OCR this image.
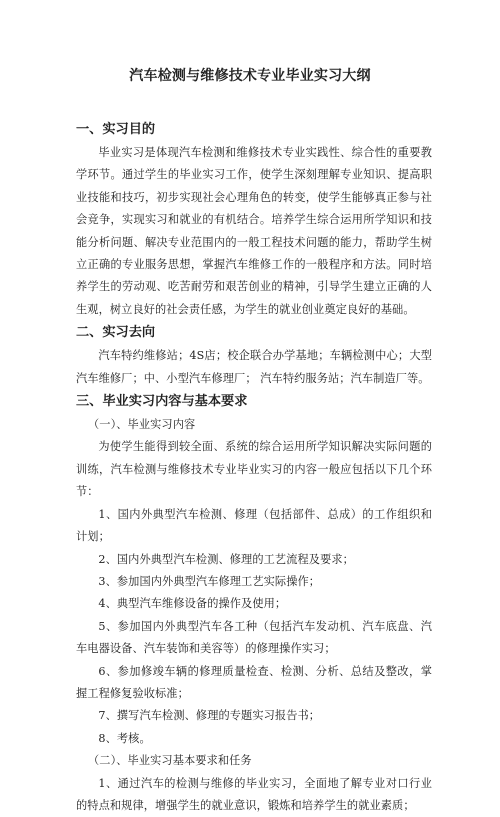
汽车检测与维修技术专业毕业实习大纲

一、实习目的

毕业实习是体现汽车检测和维修技术专业实践性、综合性的重要教学环节。通过学生的毕业实习工作，使学生深刻理解专业知识、提高职业技能和技巧，初步实现社会心理角色的转变，使学生能够真正参与社会竞争，实现实习和就业的有机结合。培养学生综合运用所学知识和技能分析问题、解决专业范围内的一般工程技术问题的能力，帮助学生树立正确的专业服务思想，掌握汽车维修工作的一般程序和方法。同时培养学生的劳动观、吃苦耐劳和艰苦创业的精神，引导学生建立正确的人生观，树立良好的社会责任感，为学生的就业创业奠定良好的基础。

二、实习去向

汽车特约维修站；4S店；校企联合办学基地；车辆检测中心；大型汽车维修厂；中、小型汽车修理厂； 汽车特约服务站；汽车制造厂等。

三、毕业实习内容与基本要求

（一）、毕业实习内容

为使学生能得到较全面、系统的综合运用所学知识解决实际问题的训练，汽车检测与维修技术专业毕业实习的内容一般应包括以下几个环节：

1、国内外典型汽车检测、修理（包括部件、总成）的工作组织和计划；

2、国内外典型汽车检测、修理的工艺流程及要求；

3、参加国内外典型汽车修理工艺实际操作；

4、典型汽车维修设备的操作及使用；

5、参加国内外典型汽车各工种（包括汽车发动机、汽车底盘、汽车电器设备、汽车装饰和美容等）的修理操作实习；

6、参加修竣车辆的修理质量检查、检测、分析、总结及整改，掌握工程修复验收标准；

7、撰写汽车检测、修理的专题实习报告书；

8、考核。

（二）、毕业实习基本要求和任务

1、通过汽车的检测与维修的毕业实习，全面地了解专业对口行业的特点和规律，增强学生的就业意识，锻炼和培养学生的就业素质；
